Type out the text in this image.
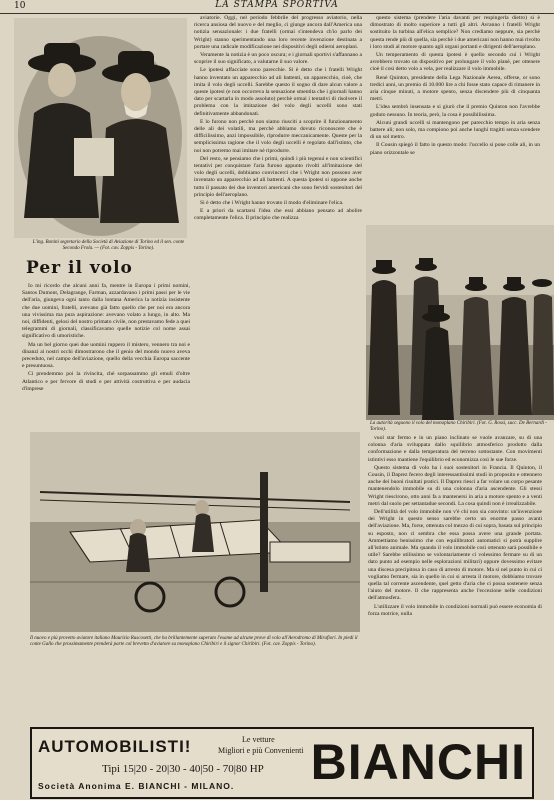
10	LA STAMPA SPORTIVA
L'ing. Bonini segretario della Società di Aviazione di Torino ed il sen. conte Secondo Frola. — (Fot. cav. Zoppis - Torino).
Per il volo

Io mi ricordo che alcuni anni fa, mentre in Europa i primi nomini, Santos Dumont, Delagrange, Farman, azzardavano i primi passi per le vie dell'aria, giungeva ogni tanto dalla lontana America la notizia insistente che due uomini, fratelli, avevano già fatto quello che per noi era ancora una vivissima ma pura aspirazione: avevano volato a lungo, in alto. Ma noi, diffidenti, gelosi del nostro primato civile, non prestavamo fede a quei telegrammi di giornali, classificavamo quelle notizie col nome assai significativo di umoristiche.

Ma un bel giorno quei due uomini ruppero il mistero, vennero tra noi e dinanzi ai nostri occhi dimostrarono che il genio del mondo nuovo aveva preceduto, nel campo dell'aviazione, quello della vecchia Europa saccente e presuntuosa.

Ci prendemmo poi la rivincita, chè sorpassammo gli emuli d'oltre Atlantico e per fervore di studi e per attività costruttiva e per audacia d'imprese

aviatorie. Oggi, nel periodo febbrile del progresso aviatorio, nella ricerca ansiosa del nuovo e del meglio, ci giunge ancora dall'America una notizia sensazionale: i due fratelli (ormai s'intendeva ch'io parlo dei Wright) stanno sperimentando una loro recente invenzione destinata a portare una radicale modificazione nei dispositivi degli odierni aeroplani.

Veramente la notizia è un poco oscura; e i giornali sportivi s'affannano a scoprire il suo significato, a valutarne il suo valore.

Le ipotesi affacciate sono parecchie. Si è detto che i fratelli Wright hanno inventato un apparecchio ad ali battenti, un apparecchio, cioè, che imita il volo degli uccelli. Sarebbe questo il sogno di dare alcun valore a queste ipotesi (e non occorreva la sensazione smentita che i giornali hanno dato per scartarla in modo assoluto) perchè ormai i tentativi di risolvere il problema con la imitazione del volo degli uccelli sono stati definitivamente abbandonati.

E lo furono non perchè non siamo riusciti a scoprire il funzionamento delle ali dei volatili, ma perchè abbiamo dovuto riconoscere che è difficilissimo, anzi impossibile, riprodurre meccanicamente. Queste per la semplicissima ragione che il volo degli uccelli è regolato dall'istinto, che noi non potremo mai imitare nè riprodurre.

Del resto, se pensiamo che i primi, quindi i più tegenui e non scientifici tentativi per conquistare l'aria furono appunto rivolti all'imitazione del volo degli uccelli, dobbiamo convincerci che i Wright non possono aver inventato un apparecchio ad ali battenti. A questa ipotesi si oppone anche tutto il passato dei due inventori americani che sono fervidi sostenitori del principio dell'aeroplano.

Si è detto che i Wright hanno trovato il modo d'eliminare l'elica.

E a priori da scartarsi l'idea che essi abbiano pensato ad abolire completamente l'elica. Il principio che realizza

questo sistema (prendere l'aria davanti per respingerla dietro) si è dimostrato di molto superiore a tutti gli altri. Avranno i fratelli Wright sostituito la turbina all'elica semplice? Non crediamo neppure, sia perchè questa rende più di quella, sia perchè i due americani non hanno mai rivolto i loro studi al motore quanto agli organi portanti e dirigenti dell'aeroplano.

Un temperamento di questa ipotesi è quello secondo cui i Wright avrebbero trovato un dispositivo per prolungare il volo planè, per ottenere cioè il così detto volo a vela, per realizzare il volo immobile.

René Quinton, presidente della Lega Nazionale Aerea, offerse, or sono tredici anni, un premio di 10.000 lire a chi fosse stato capace di rimanere in aria cinque minuti, a motore spento, senza discendere più di cinquanta metri.

L'idea sembrò insensata e si giurò che il premio Quinton non l'avrebbe goduto nessuno. In teoria, però, la cosa è possibilissima.

Alcuni grandi uccelli si mantengono per parecchio tempo in aria senza battere ali; non solo, ma compiono poi anche lunghi tragitti senza scendere di un sol metro.

Il Cousin spiegò il fatto in questo modo: l'uccello si pone colle ali, in un piano orizzontale se

La autorità seguono il volo del monoplano Chiribiri. (Fot. G. Rossi, succ. De Bernardi - Torino).
Il nuovo e più provetto aviatore italiano Maurizio Ruscosetti, che ha brillantemente superato l'esame ad alcune prove di volo all'Aerodromo di Mirafiori. In piedi il conte Gallo che prossimamente prenderà parte col brevetto d'aviatore su monoplano Chiribiri e il signor Chiribiri. (Fot. cav. Zoppis - Torino).

vuol star fermo e in un piano inclinato se vuole avanzare, su di una colonna d'aria sviluppata dallo squilibrio atmosferico prodotto dalla conformazione e dalla temperatura del terreno sottostante. Con movimenti istintivi esso mantiene l'equilibrio ed economizza così le sue forze.

Questo sistema di volo ha i suoi sostenitori in Francia. Il Quinton, il Cousin, il Daprez fecero degli interessantissimi studi in proposito e ottennero anche dei buoni risultati pratici. Il Daprez riesci a far volare un corpo pesante mantenendolo immobile su di una colonna d'aria ascendente. Gli stessi Wright riescirono, otto anni fa a mantenersi in aria a motore spento e a venti metri dal suolo per settantadue secondi. La cosa quindi non è irrealizzabile.

Dell'utilità del volo immobile non v'è chi non sia convinto: un'invenzione dei Wright in questo senso sarebbe certo un enorme passo avanti dell'aviazione. Ma, forse, ottenuta col mezzo di cui sopra, basata sul principio su esposto, non ci sembra che essa possa avere una grande portata. Ammettiamo benissimo che con equilibratori automatici si potrà supplire all'istinto animale. Ma quando il volo immobile così ottenuto sarà possibile e utile? Sarebbe utilissimo se volontariamente ci volessimo fermare su di un dato punto ad esempio nelle esplorazioni militari) oppure dovessimo evitare una discesa precipitosa in caso di arresto di motore. Ma si nel punto in cui ci vogliamo fermare, sia in quello in cui si arresta il motore, dobbiamo trovare quella tal corrente ascendente, quel getto d'aria che ci possa sostenere senza l'aiuto del motore. Il che rappresenta anche l'eccezione nelle condizioni dell'atmosfera.

L'utilizzare il volo immobile in condizioni normali può essere economia di forza motrice, nulla

AUTOMOBILISTI!	Le vetture
Migliori e più Convenienti
Tipi 15|20 - 20|30 - 40|50 - 70|80 HP
Società Anonima E. BIANCHI - MILANO. BIANCHI
